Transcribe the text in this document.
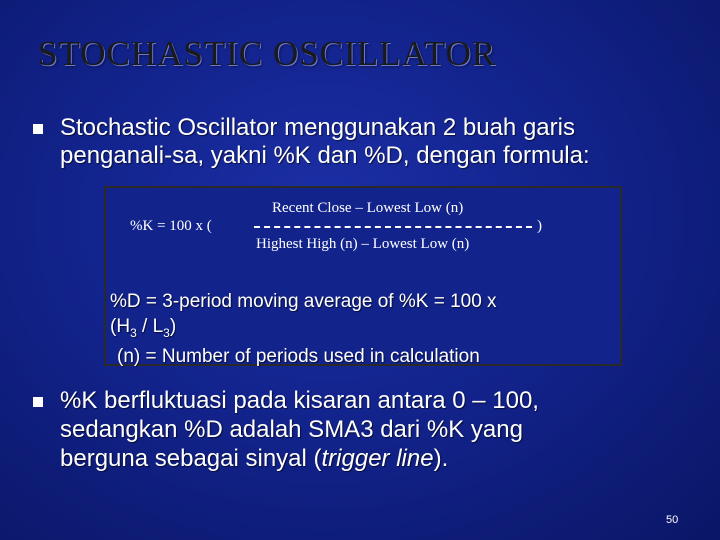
STOCHASTIC OSCILLATOR
Stochastic Oscillator menggunakan 2 buah garis
penganali-sa, yakni %K dan %D, dengan formula:
Recent Close – Lowest Low (n)
%K = 100 x (	)
Highest High (n) – Lowest Low (n)
%D = 3-period moving average of %K = 100 x
$(H_3 / L_3)$
(n) = Number of periods used in calculation
%K berfluktuasi pada kisaran antara 0 – 100,
sedangkan %D adalah SMA3 dari %K yang
berguna sebagai sinyal (trigger line).
50
